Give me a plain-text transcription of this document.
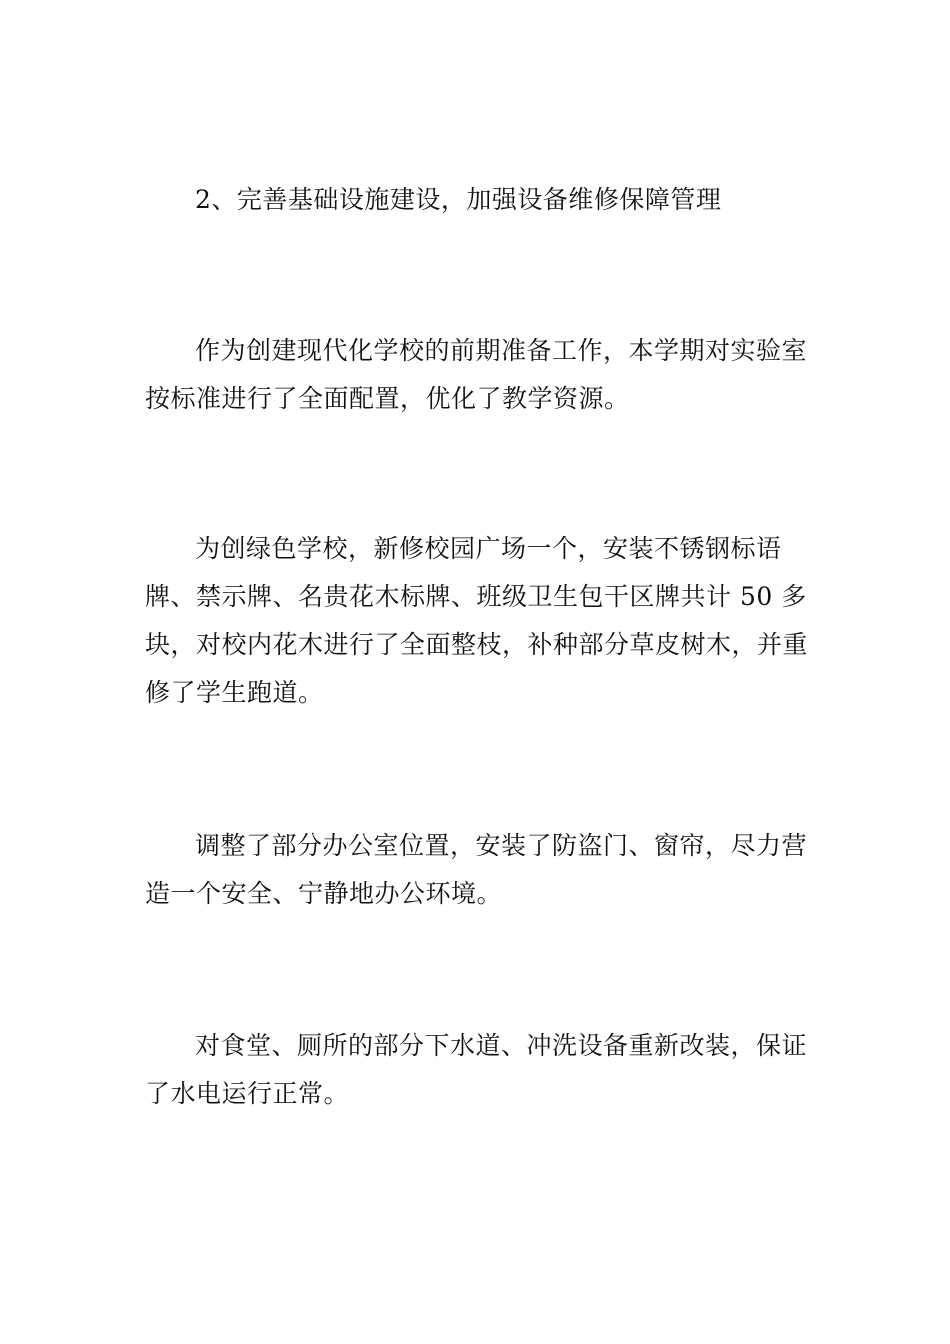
2、完善基础设施建设，加强设备维修保障管理

作为创建现代化学校的前期准备工作，本学期对实验室按标准进行了全面配置，优化了教学资源。

为创绿色学校，新修校园广场一个，安装不锈钢标语牌、禁示牌、名贵花木标牌、班级卫生包干区牌共计 50 多块，对校内花木进行了全面整枝，补种部分草皮树木，并重修了学生跑道。

调整了部分办公室位置，安装了防盗门、窗帘，尽力营造一个安全、宁静地办公环境。

对食堂、厕所的部分下水道、冲洗设备重新改装，保证了水电运行正常。
